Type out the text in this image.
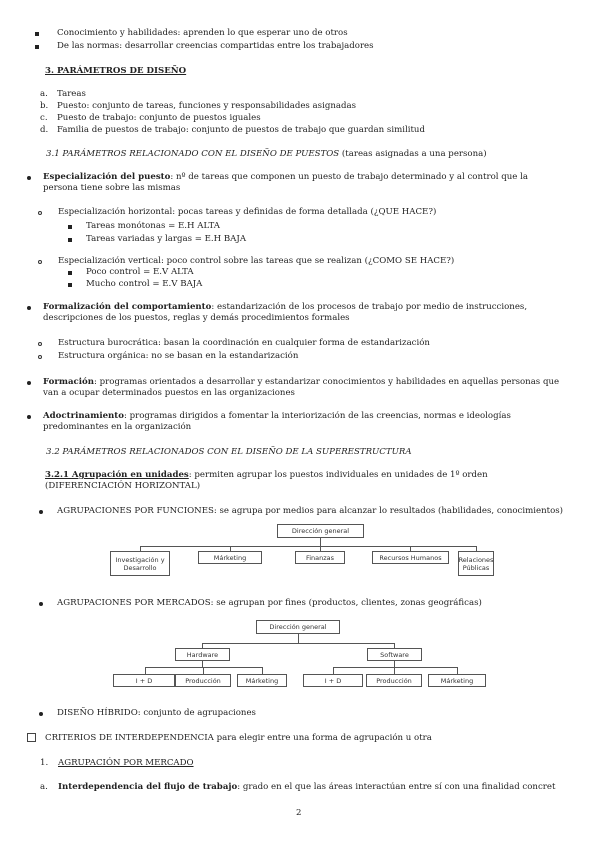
Conocimiento y habilidades: aprenden lo que esperar uno de otros
De las normas: desarrollar creencias compartidas entre los trabajadores
3. PARÁMETROS DE DISEÑO
a. Tareas
b. Puesto: conjunto de tareas, funciones y responsabilidades asignadas
c. Puesto de trabajo: conjunto de puestos iguales
d. Familia de puestos de trabajo: conjunto de puestos de trabajo que guardan similitud
3.1 PARÁMETROS RELACIONADO CON EL DISEÑO DE PUESTOS (tareas asignadas a una persona)
Especialización del puesto: nº de tareas que componen un puesto de trabajo determinado y al control que la persona tiene sobre las mismas
Especialización horizontal: pocas tareas y definidas de forma detallada (¿QUE HACE?)
Tareas monótonas = E.H ALTA
Tareas variadas y largas = E.H BAJA
Especialización vertical: poco control sobre las tareas que se realizan (¿COMO SE HACE?)
Poco control = E.V ALTA
Mucho control = E.V BAJA
Formalización del comportamiento: estandarización de los procesos de trabajo por medio de instrucciones, descripciones de los puestos, reglas y demás procedimientos formales
Estructura burocrática: basan la coordinación en cualquier forma de estandarización
Estructura orgánica: no se basan en la estandarización
Formación: programas orientados a desarrollar y estandarizar conocimientos y habilidades en aquellas personas que van a ocupar determinados puestos en las organizaciones
Adoctrinamiento: programas dirigidos a fomentar la interiorización de las creencias, normas e ideologías predominantes en la organización
3.2 PARÁMETROS RELACIONADOS CON EL DISEÑO DE LA SUPERESTRUCTURA
3.2.1 Agrupación en unidades: permiten agrupar los puestos individuales en unidades de 1º orden (DIFERENCIACIÓN HORIZONTAL)
AGRUPACIONES POR FUNCIONES: se agrupa por medios para alcanzar lo resultados (habilidades, conocimientos)
Dirección general
Investigación y Desarrollo
Márketing	Finanzas	Recursos Humanos	Relaciones Públicas
AGRUPACIONES POR MERCADOS: se agrupan por fines (productos, clientes, zonas geográficas)
Dirección general
Hardware	Software
I + D	Producción	Márketing	I + D	Producción	Márketing
DISEÑO HÍBRIDO: conjunto de agrupaciones
CRITERIOS DE INTERDEPENDENCIA para elegir entre una forma de agrupación u otra
1. AGRUPACIÓN POR MERCADO
a. Interdependencia del flujo de trabajo: grado en el que las áreas interactúan entre sí con una finalidad concret
2
